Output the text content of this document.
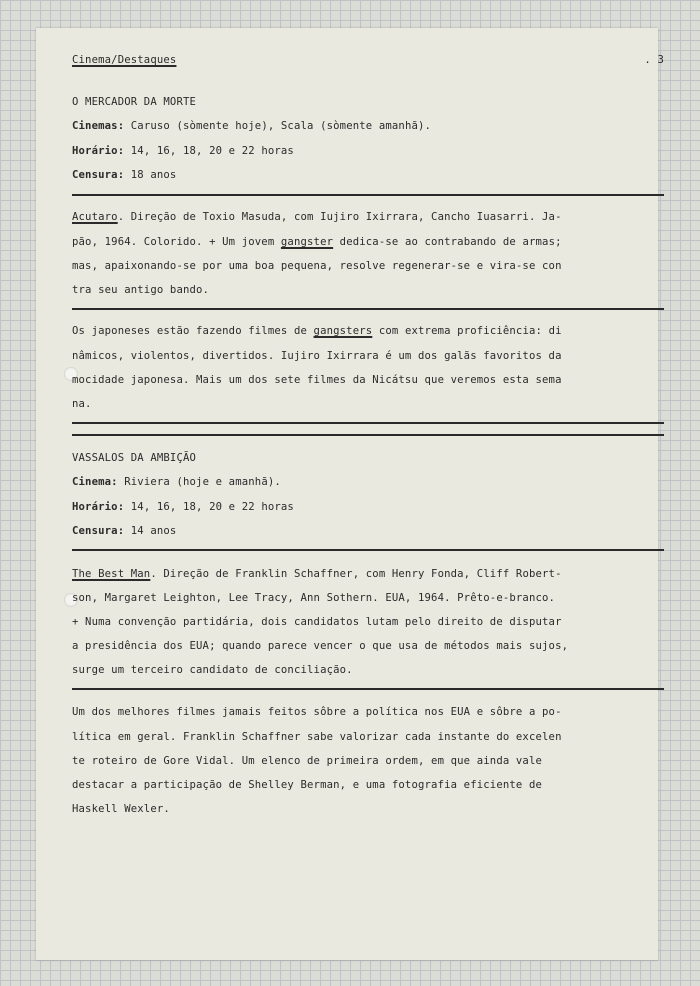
Cinema/Destaques	. 3
O MERCADOR DA MORTE
Cinemas: Caruso (sòmente hoje), Scala (sòmente amanhã).
Horário: 14, 16, 18, 20 e 22 horas
Censura: 18 anos
Acutaro. Direção de Toxio Masuda, com Iujiro Ixirrara, Cancho Iuasarri. Ja-
pão, 1964. Colorido. + Um jovem gangster dedica-se ao contrabando de armas;
mas, apaixonando-se por uma boa pequena, resolve regenerar-se e vira-se con
tra seu antigo bando.
Os japoneses estão fazendo filmes de gangsters com extrema proficiência: di
nâmicos, violentos, divertidos. Iujiro Ixirrara é um dos galãs favoritos da
mocidade japonesa. Mais um dos sete filmes da Nicátsu que veremos esta sema
na.
VASSALOS DA AMBIÇÃO
Cinema: Riviera (hoje e amanhã).
Horário: 14, 16, 18, 20 e 22 horas
Censura: 14 anos
The Best Man. Direção de Franklin Schaffner, com Henry Fonda, Cliff Robert-
son, Margaret Leighton, Lee Tracy, Ann Sothern. EUA, 1964. Prêto-e-branco.
+ Numa convenção partidária, dois candidatos lutam pelo direito de disputar
a presidência dos EUA; quando parece vencer o que usa de métodos mais sujos,
surge um terceiro candidato de conciliação.
Um dos melhores filmes jamais feitos sôbre a política nos EUA e sôbre a po-
lítica em geral. Franklin Schaffner sabe valorizar cada instante do excelen
te roteiro de Gore Vidal. Um elenco de primeira ordem, em que ainda vale
destacar a participação de Shelley Berman, e uma fotografia eficiente de
Haskell Wexler.
